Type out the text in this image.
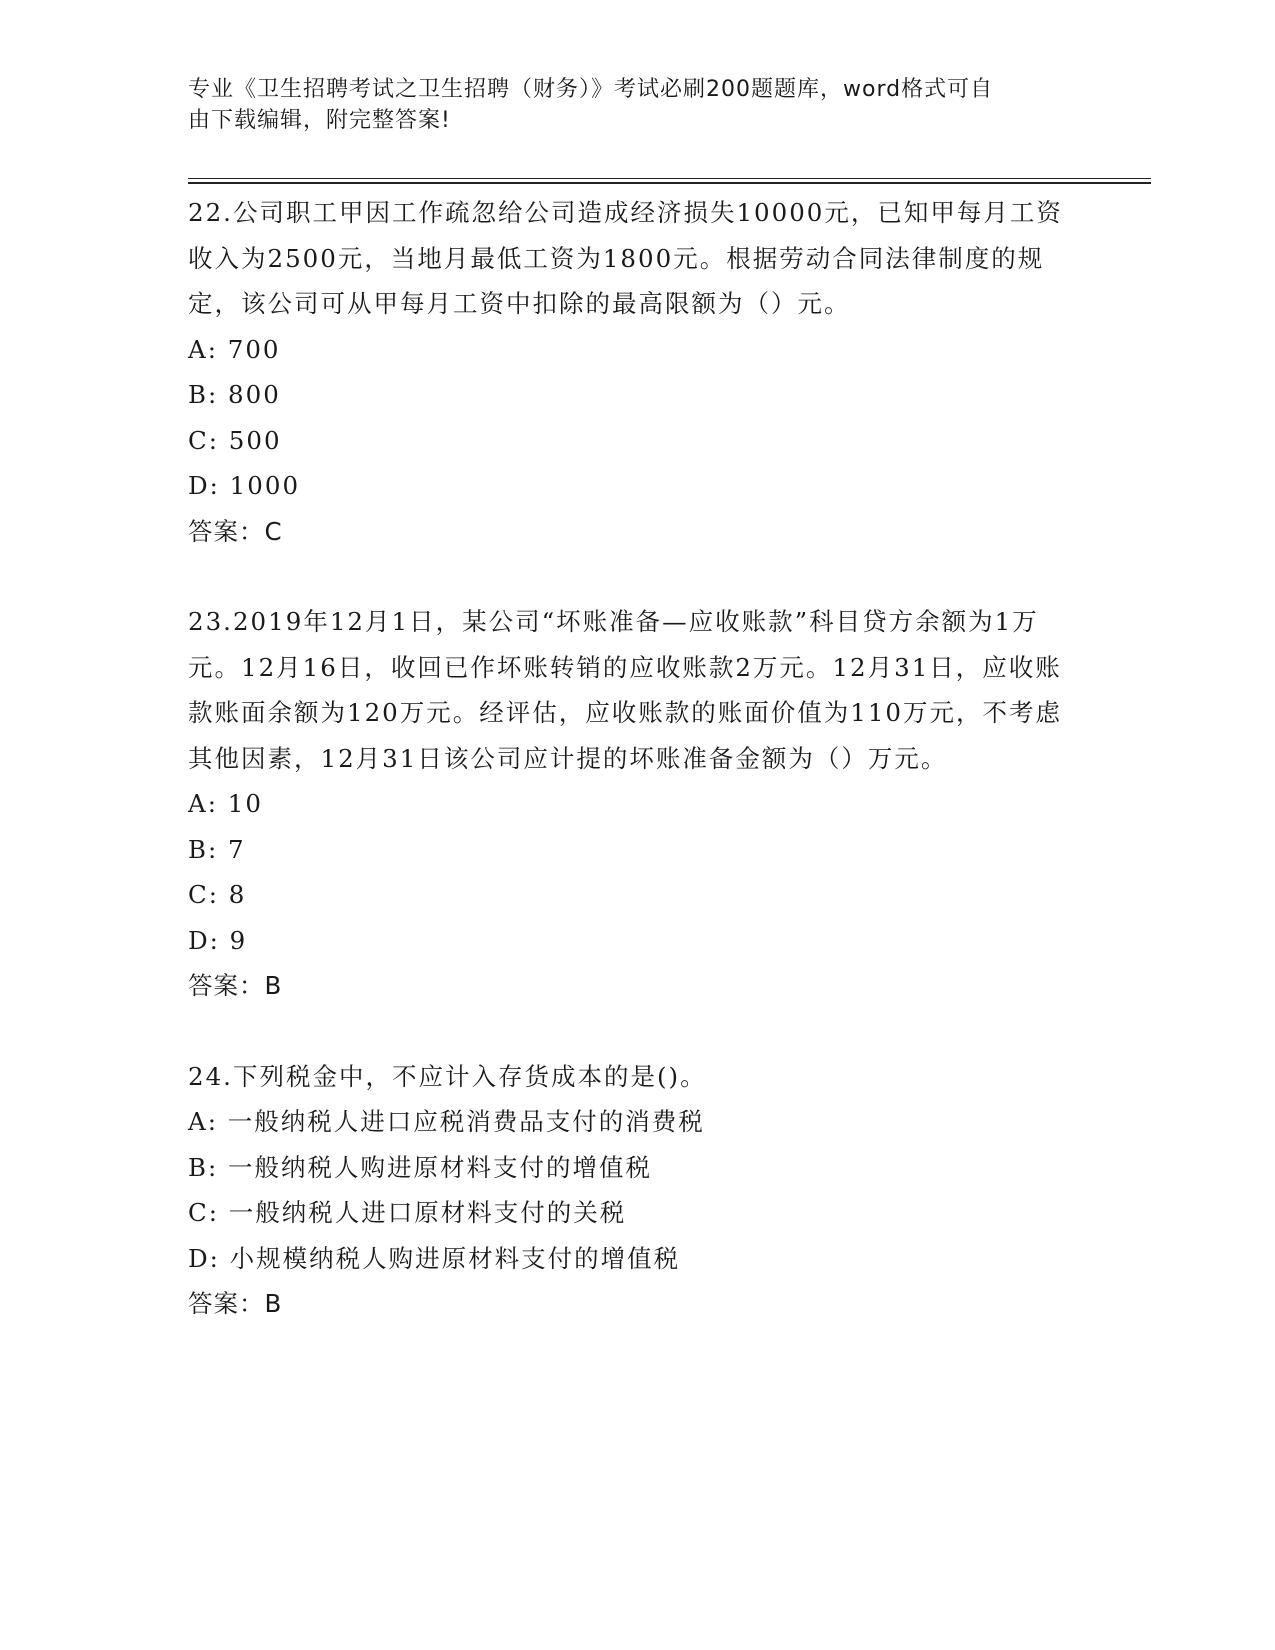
专业《卫生招聘考试之卫生招聘（财务）》考试必刷200题题库，word格式可自
由下载编辑，附完整答案!
22.公司职工甲因工作疏忽给公司造成经济损失10000元，已知甲每月工资收入为2500元，当地月最低工资为1800元。根据劳动合同法律制度的规定，该公司可从甲每月工资中扣除的最高限额为（）元。
A: 700
B: 800
C: 500
D: 1000
答案：C
23.2019年12月1日，某公司“坏账准备—应收账款”科目贷方余额为1万元。12月16日，收回已作坏账转销的应收账款2万元。12月31日，应收账款账面余额为120万元。经评估，应收账款的账面价值为110万元，不考虑其他因素，12月31日该公司应计提的坏账准备金额为（）万元。
A: 10
B: 7
C: 8
D: 9
答案：B
24.下列税金中，不应计入存货成本的是()。
A: 一般纳税人进口应税消费品支付的消费税
B: 一般纳税人购进原材料支付的增值税
C: 一般纳税人进口原材料支付的关税
D: 小规模纳税人购进原材料支付的增值税
答案：B
